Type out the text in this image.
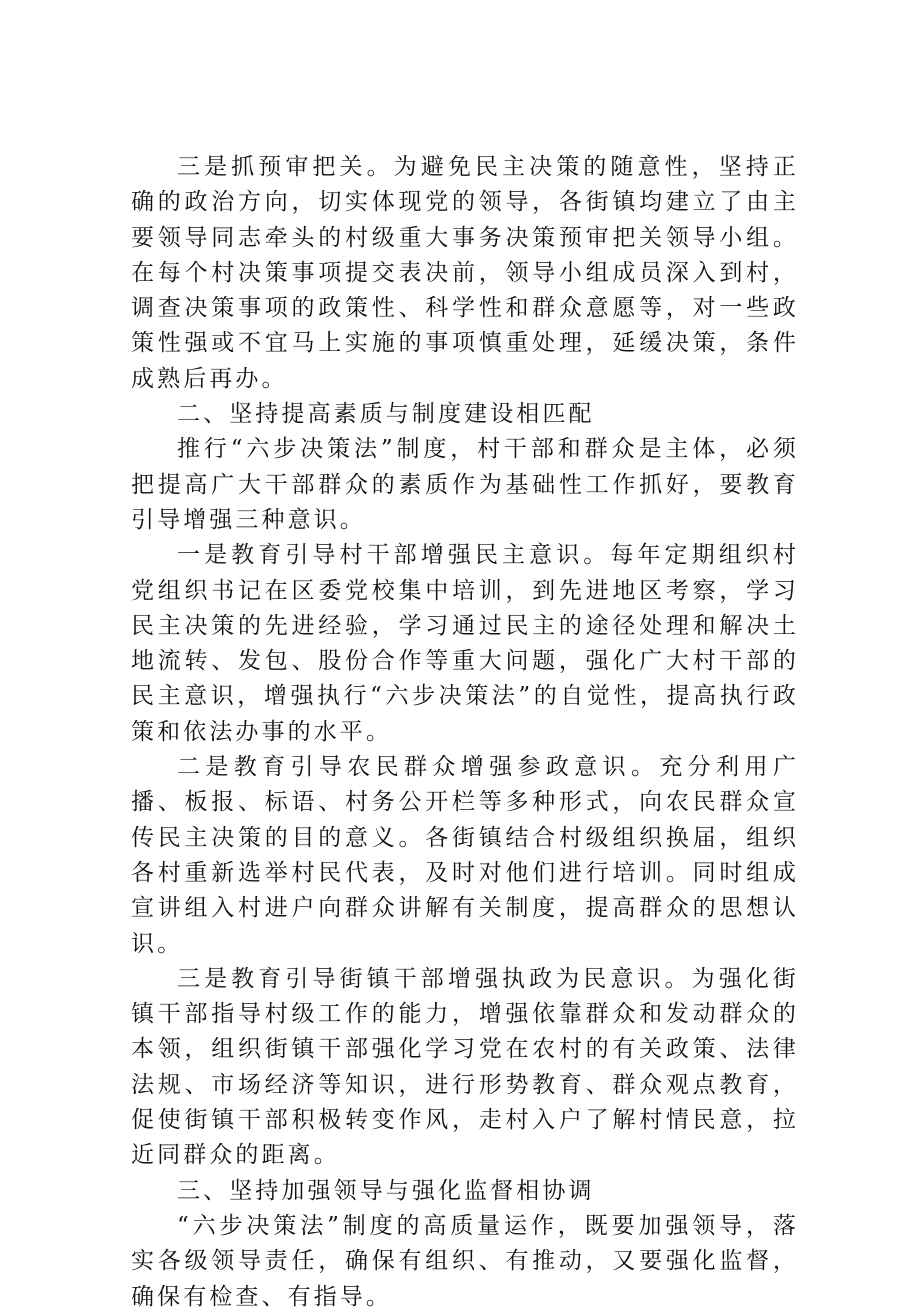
三是抓预审把关。为避免民主决策的随意性，坚持正确的政治方向，切实体现党的领导，各街镇均建立了由主要领导同志牵头的村级重大事务决策预审把关领导小组。在每个村决策事项提交表决前，领导小组成员深入到村，调查决策事项的政策性、科学性和群众意愿等，对一些政策性强或不宜马上实施的事项慎重处理，延缓决策，条件成熟后再办。

二、坚持提高素质与制度建设相匹配

推行“六步决策法”制度，村干部和群众是主体，必须把提高广大干部群众的素质作为基础性工作抓好，要教育引导增强三种意识。

一是教育引导村干部增强民主意识。每年定期组织村党组织书记在区委党校集中培训，到先进地区考察，学习民主决策的先进经验，学习通过民主的途径处理和解决土地流转、发包、股份合作等重大问题，强化广大村干部的民主意识，增强执行“六步决策法”的自觉性，提高执行政策和依法办事的水平。

二是教育引导农民群众增强参政意识。充分利用广播、板报、标语、村务公开栏等多种形式，向农民群众宣传民主决策的目的意义。各街镇结合村级组织换届，组织各村重新选举村民代表，及时对他们进行培训。同时组成宣讲组入村进户向群众讲解有关制度，提高群众的思想认识。

三是教育引导街镇干部增强执政为民意识。为强化街镇干部指导村级工作的能力，增强依靠群众和发动群众的本领，组织街镇干部强化学习党在农村的有关政策、法律法规、市场经济等知识，进行形势教育、群众观点教育，促使街镇干部积极转变作风，走村入户了解村情民意，拉近同群众的距离。

三、坚持加强领导与强化监督相协调

“六步决策法”制度的高质量运作，既要加强领导，落实各级领导责任，确保有组织、有推动，又要强化监督，确保有检查、有指导。
